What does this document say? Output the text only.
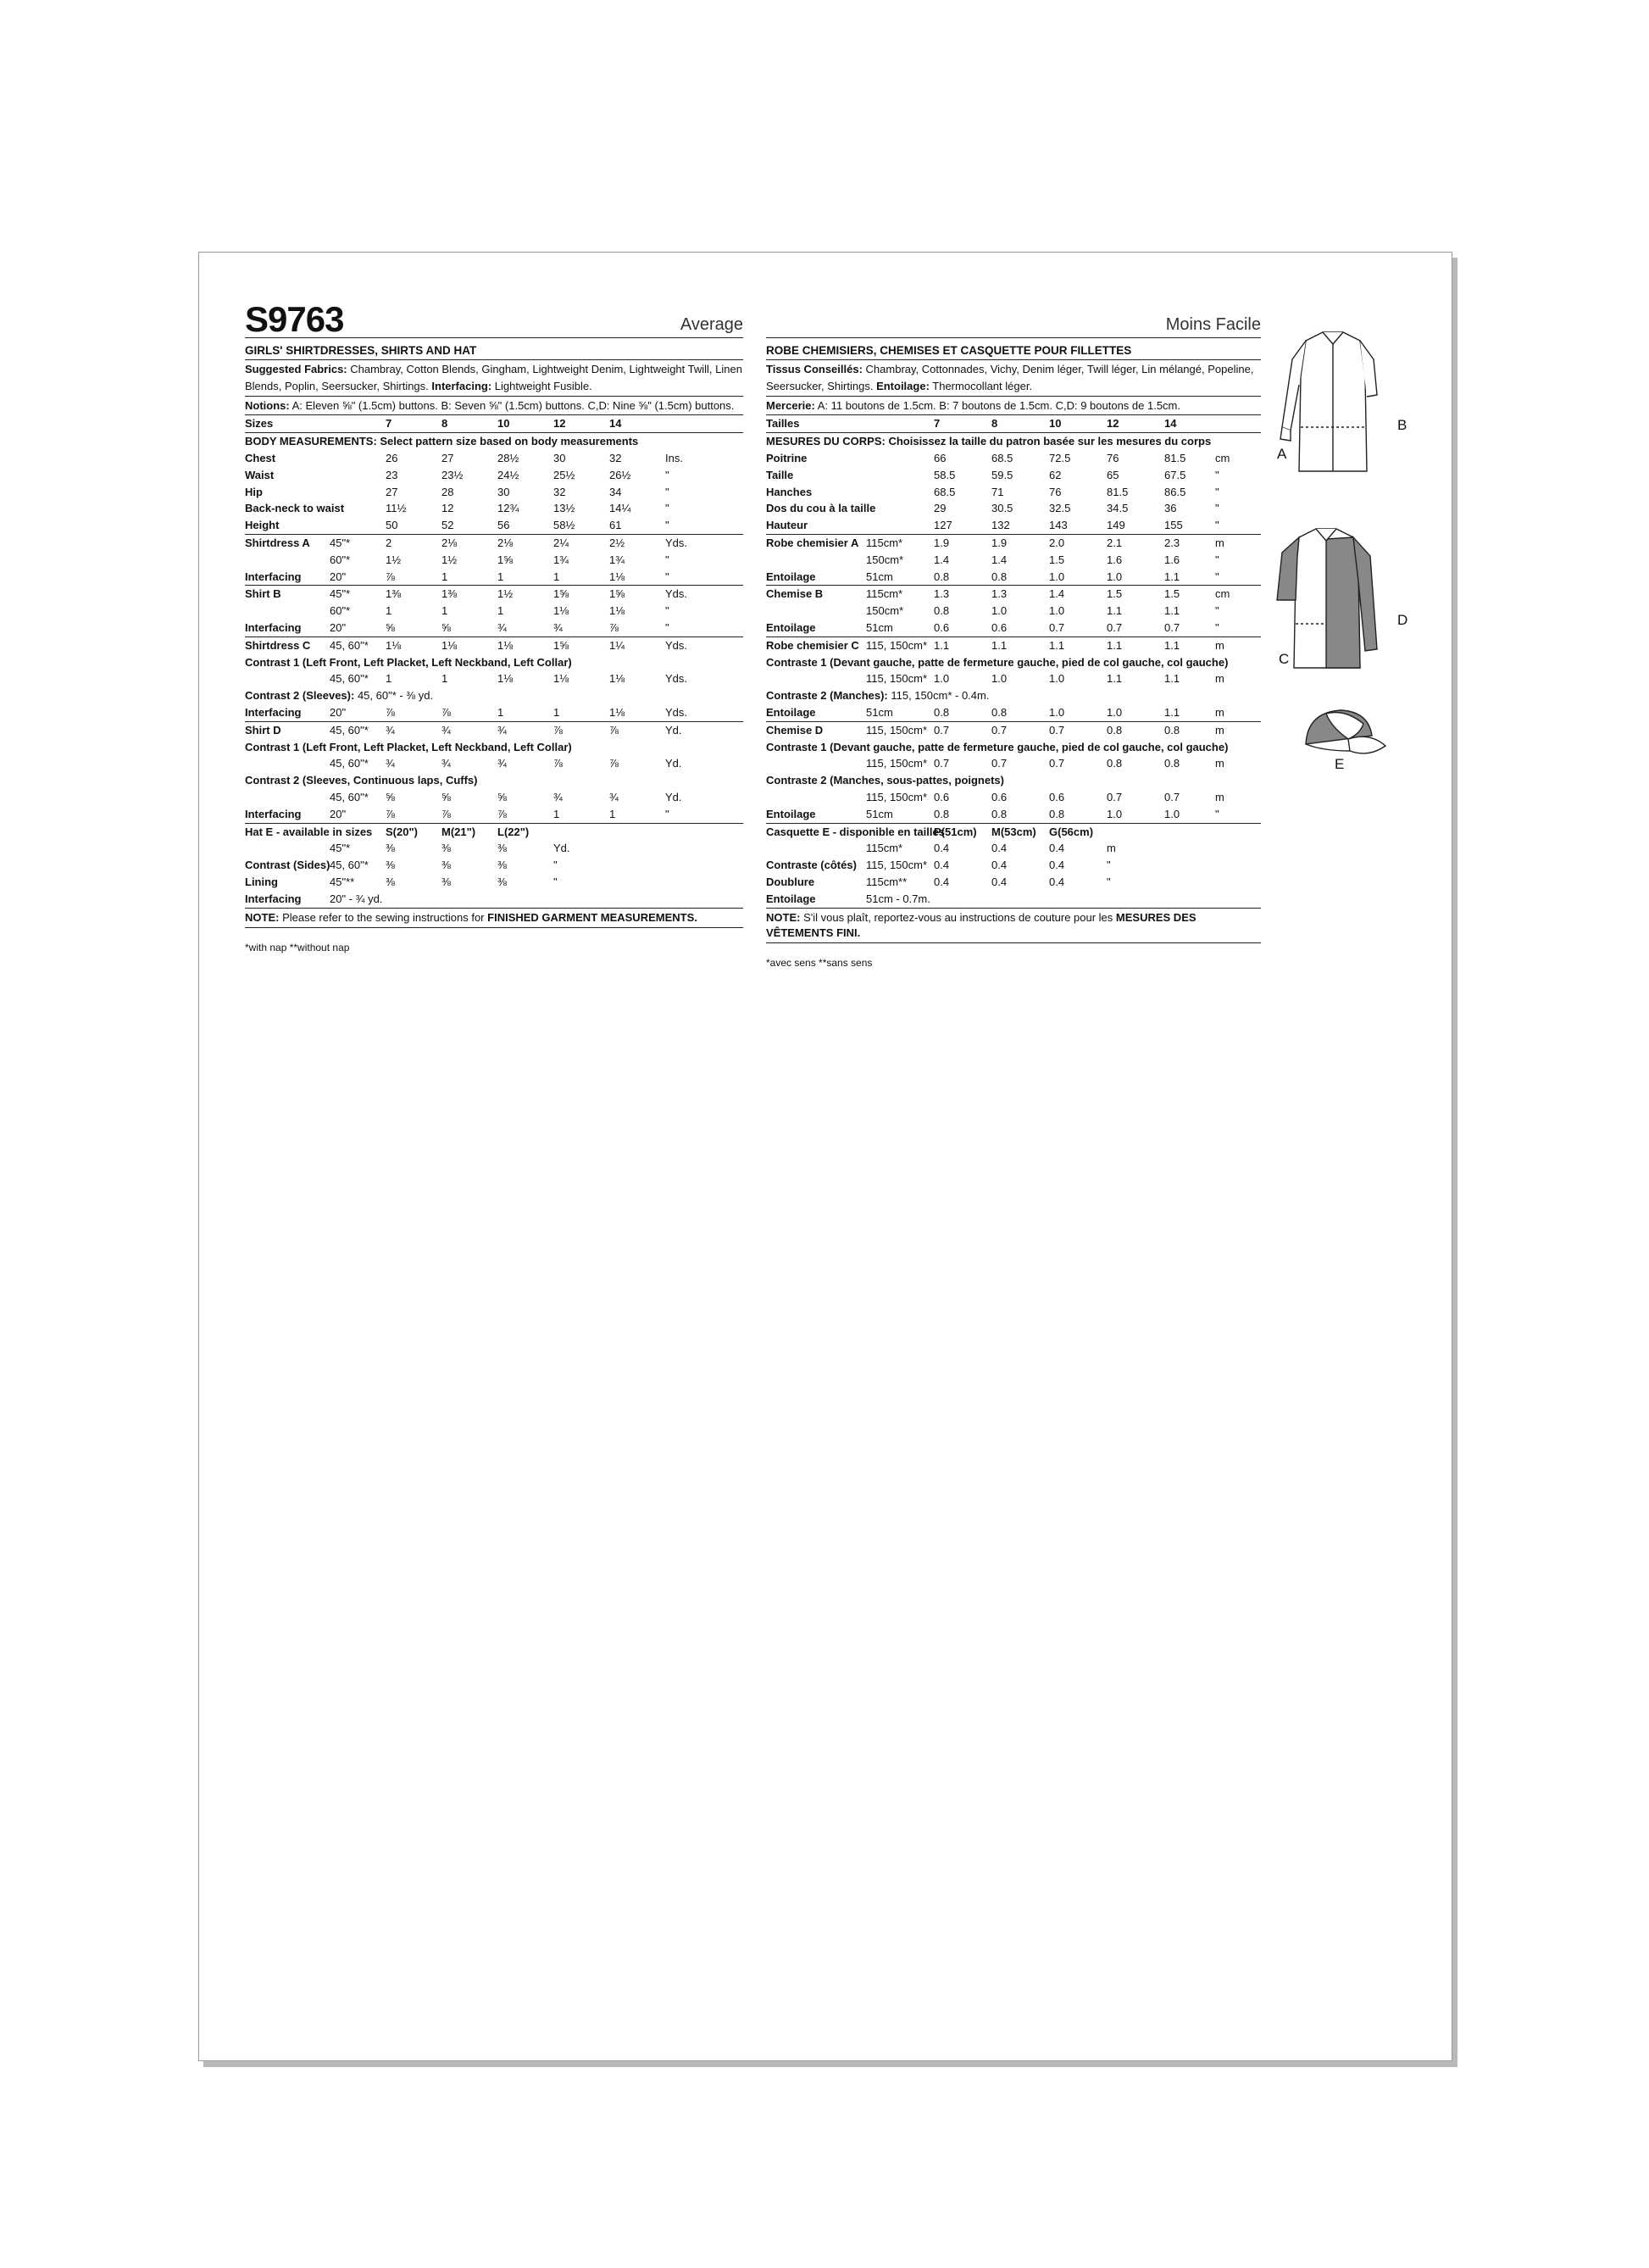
S9763	Average
GIRLS' SHIRTDRESSES, SHIRTS AND HAT
Suggested Fabrics: Chambray, Cotton Blends, Gingham, Lightweight Denim, Lightweight Twill, Linen Blends, Poplin, Seersucker, Shirtings. Interfacing: Lightweight Fusible.
Notions: A: Eleven ⅝" (1.5cm) buttons. B: Seven ⅝" (1.5cm) buttons. C,D: Nine ⅝" (1.5cm) buttons.
Sizes		7	8	10	12	14	
BODY MEASUREMENTS: Select pattern size based on body measurements							
Chest		26	27	28½	30	32	Ins.
Waist		23	23½	24½	25½	26½	"
Hip		27	28	30	32	34	"
Back-neck to waist		11½	12	12¾	13½	14¼	"
Height		50	52	56	58½	61	"
Shirtdress A	45"*	2	2⅛	2⅛	2¼	2½	Yds.
	60"*	1½	1½	1⅝	1¾	1¾	"
Interfacing	20"	⅞	1	1	1	1⅛	"
Shirt B	45"*	1⅜	1⅜	1½	1⅝	1⅝	Yds.
	60"*	1	1	1	1⅛	1⅛	"
Interfacing	20"	⅝	⅝	¾	¾	⅞	"
Shirtdress C	45, 60"*	1⅛	1⅛	1⅛	1⅝	1¼	Yds.
Contrast 1 (Left Front, Left Placket, Left Neckband, Left Collar)							
	45, 60"*	1	1	1⅛	1⅛	1⅛	Yds.
Contrast 2 (Sleeves): 45, 60"* - ⅜ yd.							
Interfacing	20"	⅞	⅞	1	1	1⅛	Yds.
Shirt D	45, 60"*	¾	¾	¾	⅞	⅞	Yd.
Contrast 1 (Left Front, Left Placket, Left Neckband, Left Collar)							
	45, 60"*	¾	¾	¾	⅞	⅞	Yd.
Contrast 2 (Sleeves, Continuous laps, Cuffs)							
	45, 60"*	⅝	⅝	⅝	¾	¾	Yd.
Interfacing	20"	⅞	⅞	⅞	1	1	"
Hat E - available in sizes		S(20")	M(21")	L(22")			
	45"*	⅜	⅜	⅜	Yd.		
Contrast (Sides)	45, 60"*	⅜	⅜	⅜	"		
Lining	45"**	⅜	⅜	⅜	"		
Interfacing	20" - ¾ yd.						
NOTE: Please refer to the sewing instructions for FINISHED GARMENT MEASUREMENTS.
*with nap **without nap
Moins Facile
ROBE CHEMISIERS, CHEMISES ET CASQUETTE POUR FILLETTES
Tissus Conseillés: Chambray, Cottonnades, Vichy, Denim léger, Twill léger, Lin mélangé, Popeline, Seersucker, Shirtings. Entoilage: Thermocollant léger.
Mercerie: A: 11 boutons de 1.5cm. B: 7 boutons de 1.5cm. C,D: 9 boutons de 1.5cm.
Tailles		7	8	10	12	14	
MESURES DU CORPS: Choisissez la taille du patron basée sur les mesures du corps							
Poitrine		66	68.5	72.5	76	81.5	cm
Taille		58.5	59.5	62	65	67.5	"
Hanches		68.5	71	76	81.5	86.5	"
Dos du cou à la taille		29	30.5	32.5	34.5	36	"
Hauteur		127	132	143	149	155	"
Robe chemisier A	115cm*	1.9	1.9	2.0	2.1	2.3	m
	150cm*	1.4	1.4	1.5	1.6	1.6	"
Entoilage	51cm	0.8	0.8	1.0	1.0	1.1	"
Chemise B	115cm*	1.3	1.3	1.4	1.5	1.5	cm
	150cm*	0.8	1.0	1.0	1.1	1.1	"
Entoilage	51cm	0.6	0.6	0.7	0.7	0.7	"
Robe chemisier C	115, 150cm*	1.1	1.1	1.1	1.1	1.1	m
Contraste 1 (Devant gauche, patte de fermeture gauche, pied de col gauche, col gauche)							
	115, 150cm*	1.0	1.0	1.0	1.1	1.1	m
Contraste 2 (Manches): 115, 150cm* - 0.4m.							
Entoilage	51cm	0.8	0.8	1.0	1.0	1.1	m
Chemise D	115, 150cm*	0.7	0.7	0.7	0.8	0.8	m
Contraste 1 (Devant gauche, patte de fermeture gauche, pied de col gauche, col gauche)							
	115, 150cm*	0.7	0.7	0.7	0.8	0.8	m
Contraste 2 (Manches, sous-pattes, poignets)							
	115, 150cm*	0.6	0.6	0.6	0.7	0.7	m
Entoilage	51cm	0.8	0.8	0.8	1.0	1.0	"
Casquette E - disponible en tailles		P(51cm)	M(53cm)	G(56cm)			
	115cm*	0.4	0.4	0.4	m		
Contraste (côtés)	115, 150cm*	0.4	0.4	0.4	"		
Doublure	115cm**	0.4	0.4	0.4	"		
Entoilage	51cm - 0.7m.						
NOTE: S'il vous plaît, reportez-vous au instructions de couture pour les MESURES DES VÊTEMENTS FINI.
*avec sens **sans sens
A
B
C
D
E
